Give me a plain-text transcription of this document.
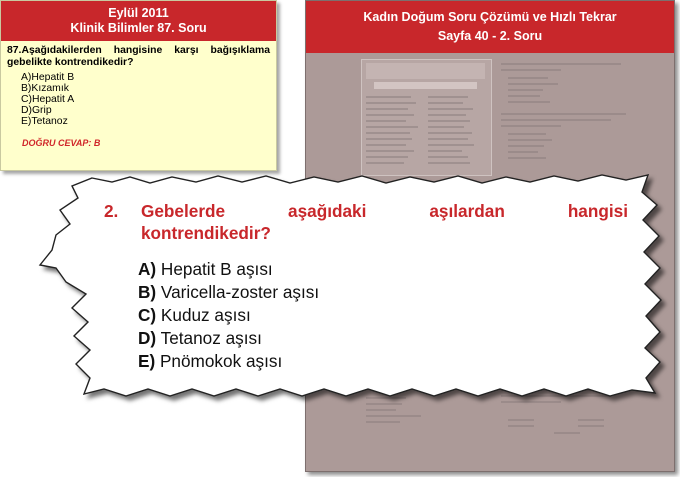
Eylül 2011
Klinik Bilimler 87. Soru
87.Aşağıdakilerden hangisine karşı bağışıklama gebelikte kontrendikedir?
A)Hepatit B
B)Kızamık
C)Hepatit A
D)Grip
E)Tetanoz
DOĞRU CEVAP: B
Kadın Doğum Soru Çözümü ve Hızlı Tekrar
Sayfa 40 - 2. Soru
2.	Gebelerde	aşağıdaki	aşılardan	hangisi
kontrendikedir?
A) Hepatit B aşısı
B) Varicella-zoster aşısı
C) Kuduz aşısı
D) Tetanoz aşısı
E) Pnömokok aşısı
